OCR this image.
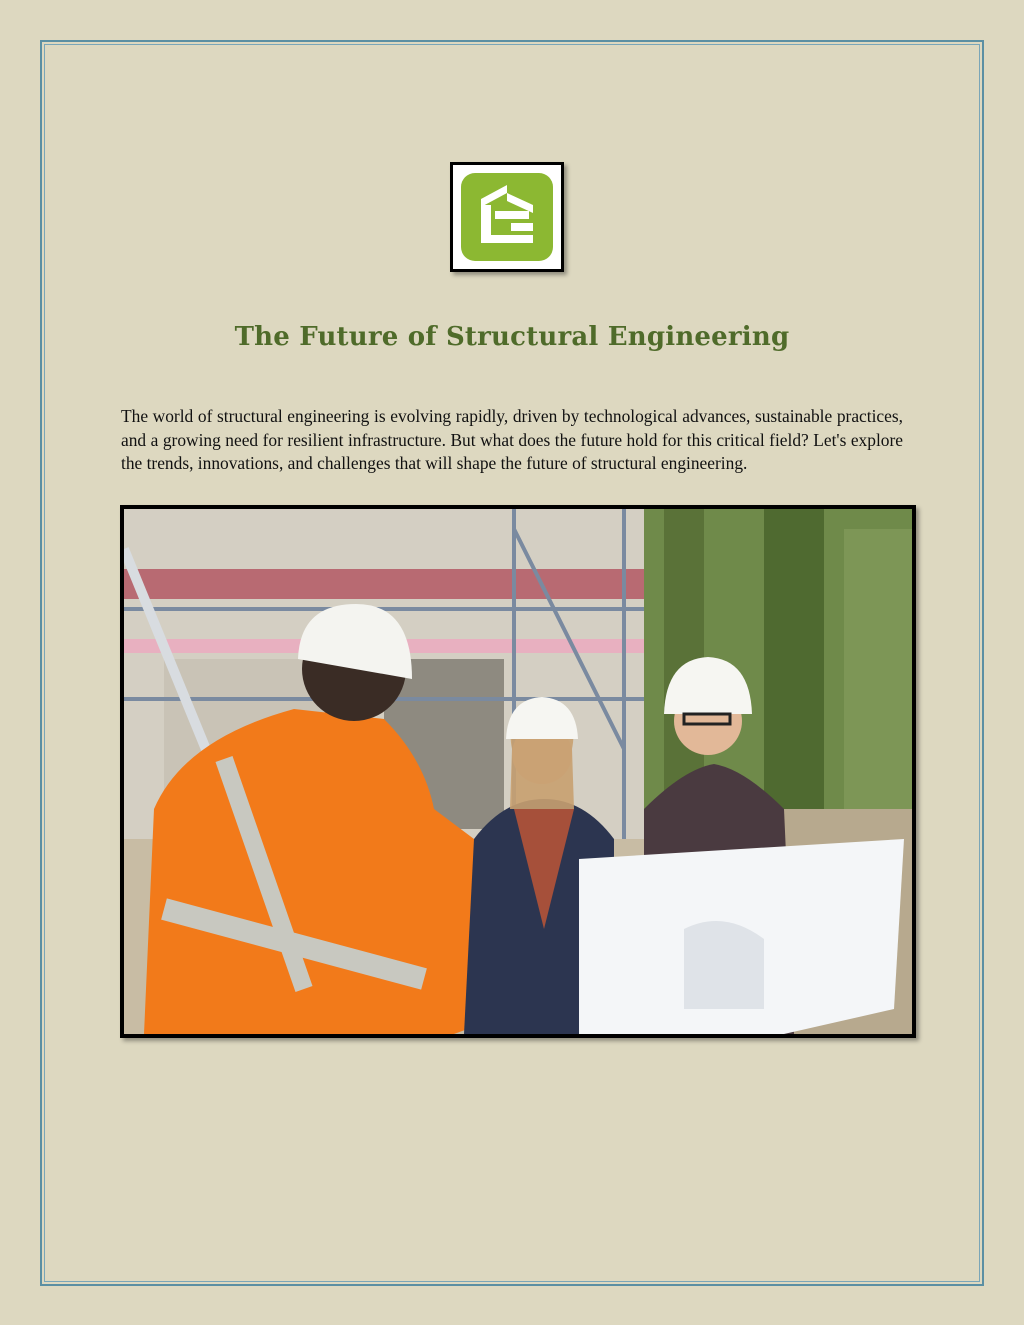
The Future of Structural Engineering

The world of structural engineering is evolving rapidly, driven by technological advances, sustainable practices, and a growing need for resilient infrastructure. But what does the future hold for this critical field? Let's explore the trends, innovations, and challenges that will shape the future of structural engineering.
